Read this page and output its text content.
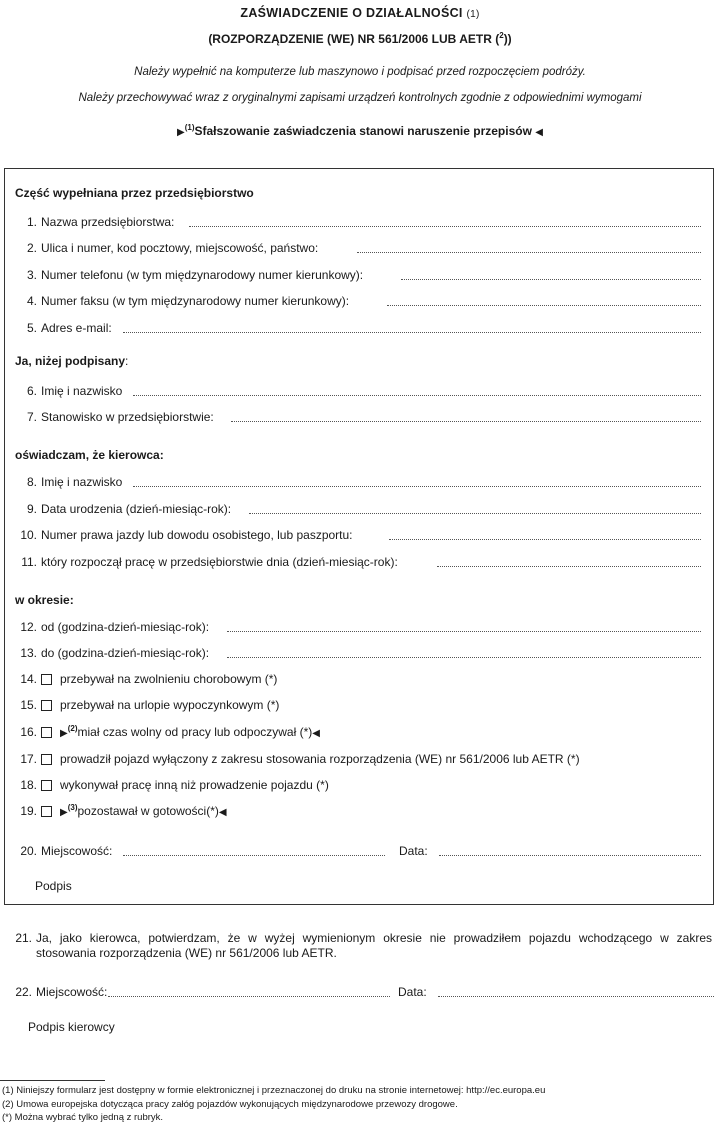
ZAŚWIADCZENIE O DZIAŁALNOŚCI (1)
(ROZPORZĄDZENIE (WE) NR 561/2006 LUB AETR ($^2$))
Należy wypełnić na komputerze lub maszynowo i podpisać przed rozpoczęciem podróży.
Należy przechowywać wraz z oryginalnymi zapisami urządzeń kontrolnych zgodnie z odpowiednimi wymogami
▶$^{(1)}$Sfałszowanie zaświadczenia stanowi naruszenie przepisów ◀
Część wypełniana przez przedsiębiorstwo
1. Nazwa przedsiębiorstwa:
2. Ulica i numer, kod pocztowy, miejscowość, państwo:
3. Numer telefonu (w tym międzynarodowy numer kierunkowy):
4. Numer faksu (w tym międzynarodowy numer kierunkowy):
5. Adres e-mail:
Ja, niżej podpisany:
6. Imię i nazwisko
7. Stanowisko w przedsiębiorstwie:
oświadczam, że kierowca:
8. Imię i nazwisko
9. Data urodzenia (dzień-miesiąc-rok):
10. Numer prawa jazdy lub dowodu osobistego, lub paszportu:
11. który rozpoczął pracę w przedsiębiorstwie dnia (dzień-miesiąc-rok):
w okresie:
12. od (godzina-dzień-miesiąc-rok):
13. do (godzina-dzień-miesiąc-rok):
14.	przebywał na zwolnieniu chorobowym (*)
15.	przebywał na urlopie wypoczynkowym (*)
16.	▶$^{(2)}$miał czas wolny od pracy lub odpoczywał (*)◀
17.	prowadził pojazd wyłączony z zakresu stosowania rozporządzenia (WE) nr 561/2006 lub AETR (*)
18.	wykonywał pracę inną niż prowadzenie pojazdu (*)
19.	▶$^{(3)}$pozostawał w gotowości(*)◀
20. Miejscowość:	Data:
Podpis
21. Ja, jako kierowca, potwierdzam, że w wyżej wymienionym okresie nie prowadziłem pojazdu wchodzącego w zakres
stosowania rozporządzenia (WE) nr 561/2006 lub AETR.
22. Miejscowość:	Data:
Podpis kierowcy
(1) Niniejszy formularz jest dostępny w formie elektronicznej i przeznaczonej do druku na stronie internetowej: http://ec.europa.eu
(2) Umowa europejska dotycząca pracy załóg pojazdów wykonujących międzynarodowe przewozy drogowe.
(*) Można wybrać tylko jedną z rubryk.
